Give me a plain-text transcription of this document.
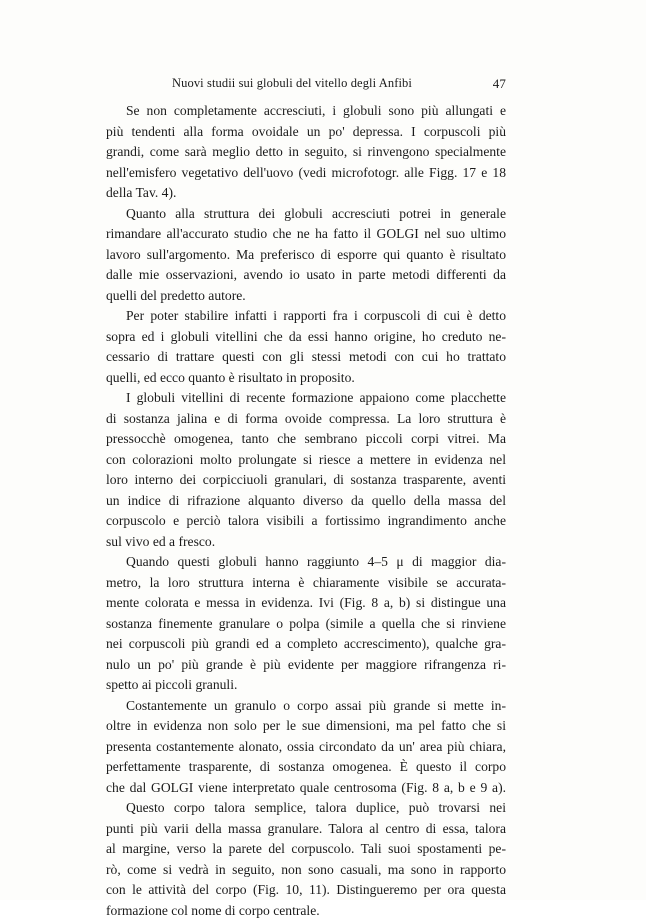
Nuovi studii sui globuli del vitello degli Anfibi	47
Se non completamente accresciuti, i globuli sono più allungati e
più tendenti alla forma ovoidale un po' depressa. I corpuscoli più
grandi, come sarà meglio detto in seguito, si rinvengono specialmente
nell'emisfero vegetativo dell'uovo (vedi microfotogr. alle Figg. 17 e 18
della Tav. 4).
Quanto alla struttura dei globuli accresciuti potrei in generale
rimandare all'accurato studio che ne ha fatto il GOLGI nel suo ultimo
lavoro sull'argomento. Ma preferisco di esporre qui quanto è risultato
dalle mie osservazioni, avendo io usato in parte metodi differenti da
quelli del predetto autore.
Per poter stabilire infatti i rapporti fra i corpuscoli di cui è detto
sopra ed i globuli vitellini che da essi hanno origine, ho creduto ne-
cessario di trattare questi con gli stessi metodi con cui ho trattato
quelli, ed ecco quanto è risultato in proposito.
I globuli vitellini di recente formazione appaiono come placchette
di sostanza jalina e di forma ovoide compressa. La loro struttura è
pressocchè omogenea, tanto che sembrano piccoli corpi vitrei. Ma
con colorazioni molto prolungate si riesce a mettere in evidenza nel
loro interno dei corpicciuoli granulari, di sostanza trasparente, aventi
un indice di rifrazione alquanto diverso da quello della massa del
corpuscolo e perciò talora visibili a fortissimo ingrandimento anche
sul vivo ed a fresco.
Quando questi globuli hanno raggiunto 4–5 μ di maggior dia-
metro, la loro struttura interna è chiaramente visibile se accurata-
mente colorata e messa in evidenza. Ivi (Fig. 8 a, b) si distingue una
sostanza finemente granulare o polpa (simile a quella che si rinviene
nei corpuscoli più grandi ed a completo accrescimento), qualche gra-
nulo un po' più grande è più evidente per maggiore rifrangenza ri-
spetto ai piccoli granuli.
Costantemente un granulo o corpo assai più grande si mette in-
oltre in evidenza non solo per le sue dimensioni, ma pel fatto che si
presenta costantemente alonato, ossia circondato da un' area più chiara,
perfettamente trasparente, di sostanza omogenea. È questo il corpo
che dal GOLGI viene interpretato quale centrosoma (Fig. 8 a, b e 9 a).
Questo corpo talora semplice, talora duplice, può trovarsi nei
punti più varii della massa granulare. Talora al centro di essa, talora
al margine, verso la parete del corpuscolo. Tali suoi spostamenti pe-
rò, come si vedrà in seguito, non sono casuali, ma sono in rapporto
con le attività del corpo (Fig. 10, 11). Distingueremo per ora questa
formazione col nome di corpo centrale.
